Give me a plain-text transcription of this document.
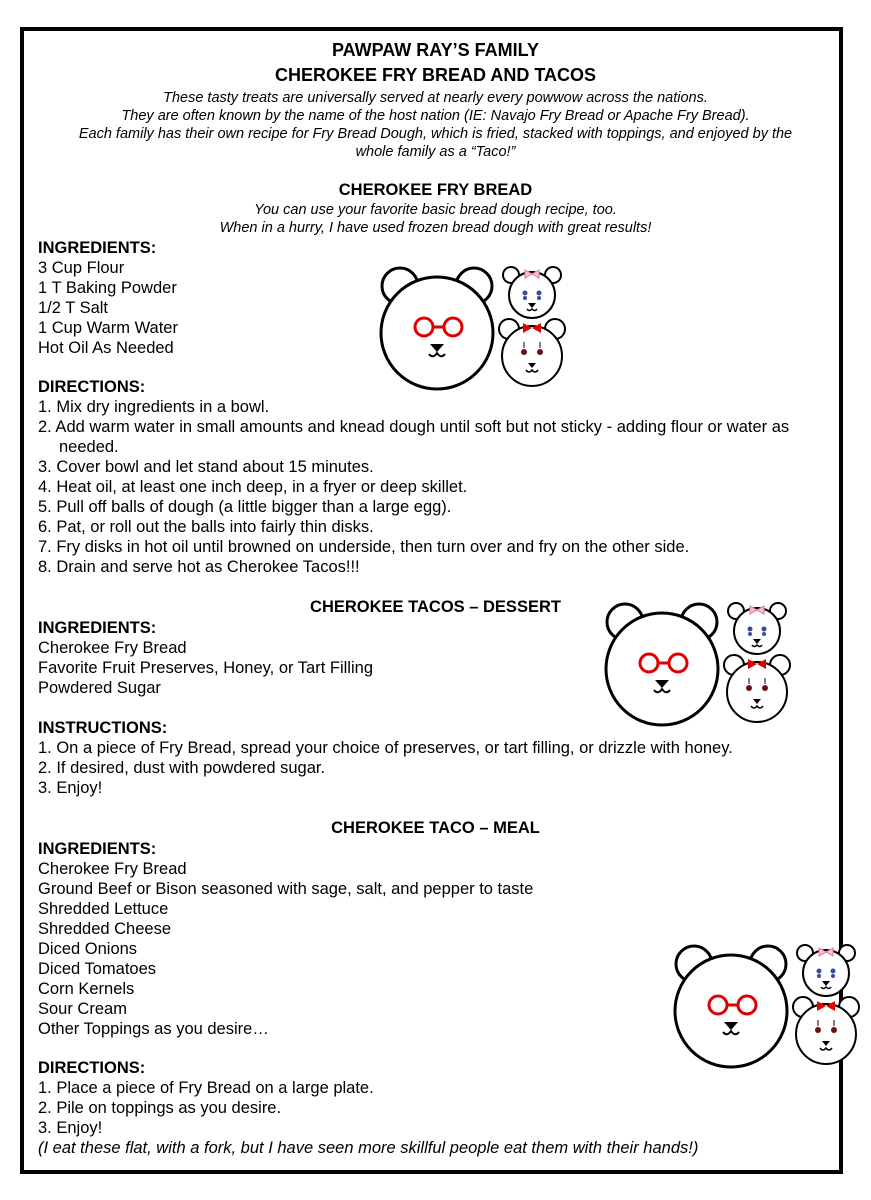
PAWPAW RAY’S FAMILY
CHEROKEE FRY BREAD AND TACOS
These tasty treats are universally served at nearly every powwow across the nations.
They are often known by the name of the host nation (IE: Navajo Fry Bread or Apache Fry Bread).
Each family has their own recipe for Fry Bread Dough, which is fried, stacked with toppings, and enjoyed by the
whole family as a “Taco!”
CHEROKEE FRY BREAD
You can use your favorite basic bread dough recipe, too.
When in a hurry, I have used frozen bread dough with great results!
INGREDIENTS:
3 Cup Flour
1 T Baking Powder
1/2 T Salt
1 Cup Warm Water
Hot Oil As Needed
DIRECTIONS:
1. Mix dry ingredients in a bowl.
2. Add warm water in small amounts and knead dough until soft but not sticky - adding flour or water as
needed.
3. Cover bowl and let stand about 15 minutes.
4. Heat oil, at least one inch deep, in a fryer or deep skillet.
5. Pull off balls of dough (a little bigger than a large egg).
6. Pat, or roll out the balls into fairly thin disks.
7. Fry disks in hot oil until browned on underside, then turn over and fry on the other side.
8. Drain and serve hot as Cherokee Tacos!!!
CHEROKEE TACOS – DESSERT
INGREDIENTS:
Cherokee Fry Bread
Favorite Fruit Preserves, Honey, or Tart Filling
Powdered Sugar
INSTRUCTIONS:
1. On a piece of Fry Bread, spread your choice of preserves, or tart filling, or drizzle with honey.
2. If desired, dust with powdered sugar.
3. Enjoy!
CHEROKEE TACO – MEAL
INGREDIENTS:
Cherokee Fry Bread
Ground Beef or Bison seasoned with sage, salt, and pepper to taste
Shredded Lettuce
Shredded Cheese
Diced Onions
Diced Tomatoes
Corn Kernels
Sour Cream
Other Toppings as you desire…
DIRECTIONS:
1. Place a piece of Fry Bread on a large plate.
2. Pile on toppings as you desire.
3. Enjoy!
(I eat these flat, with a fork, but I have seen more skillful people eat them with their hands!)
